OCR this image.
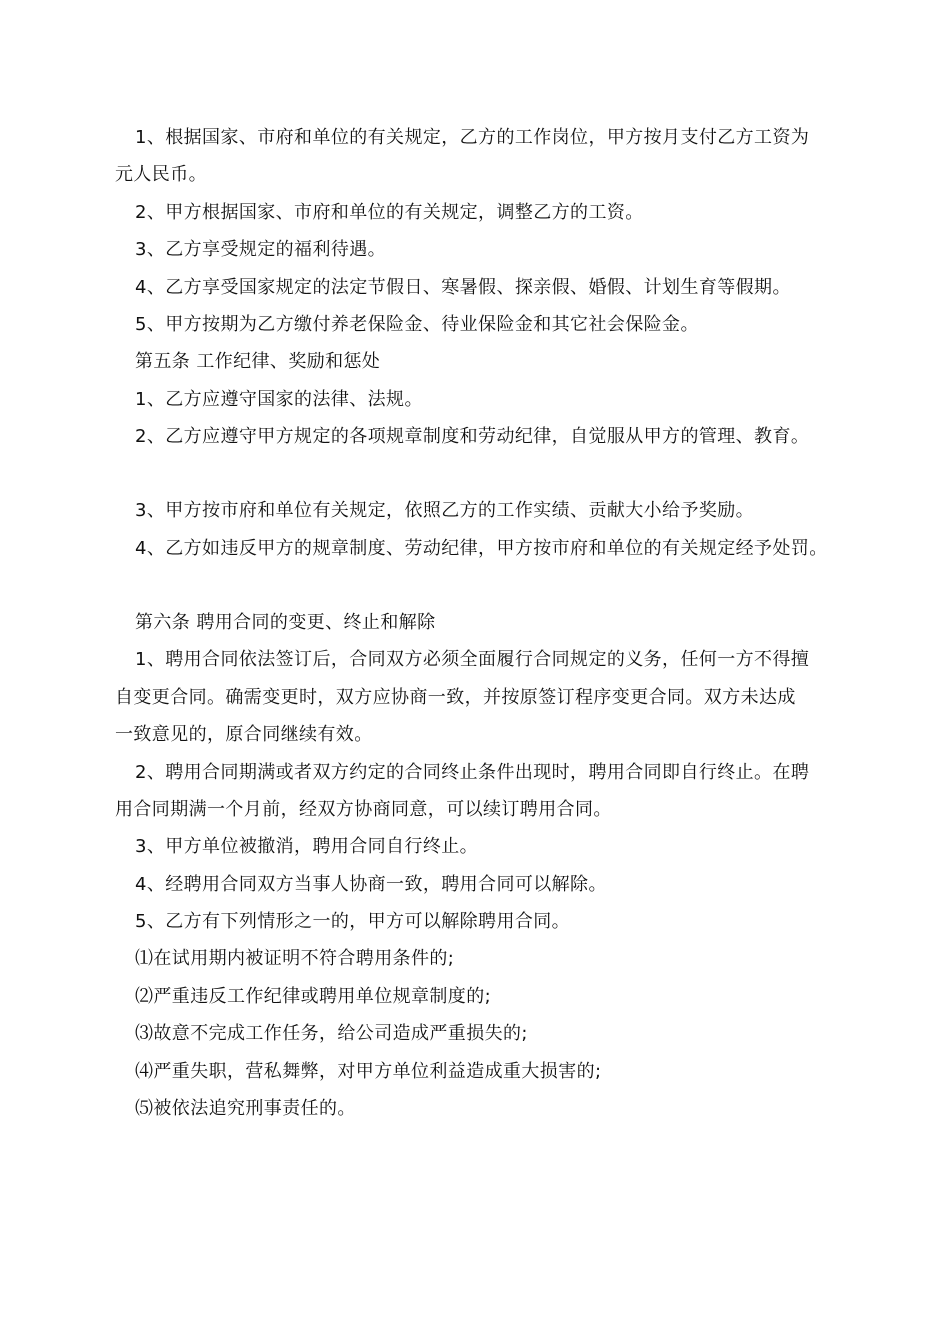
1、根据国家、市府和单位的有关规定，乙方的工作岗位，甲方按月支付乙方工资为
元人民币。
2、甲方根据国家、市府和单位的有关规定，调整乙方的工资。
3、乙方享受规定的福利待遇。
4、乙方享受国家规定的法定节假日、寒暑假、探亲假、婚假、计划生育等假期。
5、甲方按期为乙方缴付养老保险金、待业保险金和其它社会保险金。
第五条 工作纪律、奖励和惩处
1、乙方应遵守国家的法律、法规。
2、乙方应遵守甲方规定的各项规章制度和劳动纪律，自觉服从甲方的管理、教育。
3、甲方按市府和单位有关规定，依照乙方的工作实绩、贡献大小给予奖励。
4、乙方如违反甲方的规章制度、劳动纪律，甲方按市府和单位的有关规定经予处罚。
第六条 聘用合同的变更、终止和解除
1、聘用合同依法签订后，合同双方必须全面履行合同规定的义务，任何一方不得擅
自变更合同。确需变更时，双方应协商一致，并按原签订程序变更合同。双方未达成
一致意见的，原合同继续有效。
2、聘用合同期满或者双方约定的合同终止条件出现时，聘用合同即自行终止。在聘
用合同期满一个月前，经双方协商同意，可以续订聘用合同。
3、甲方单位被撤消，聘用合同自行终止。
4、经聘用合同双方当事人协商一致，聘用合同可以解除。
5、乙方有下列情形之一的，甲方可以解除聘用合同。
⑴在试用期内被证明不符合聘用条件的;
⑵严重违反工作纪律或聘用单位规章制度的;
⑶故意不完成工作任务，给公司造成严重损失的;
⑷严重失职，营私舞弊，对甲方单位利益造成重大损害的;
⑸被依法追究刑事责任的。
